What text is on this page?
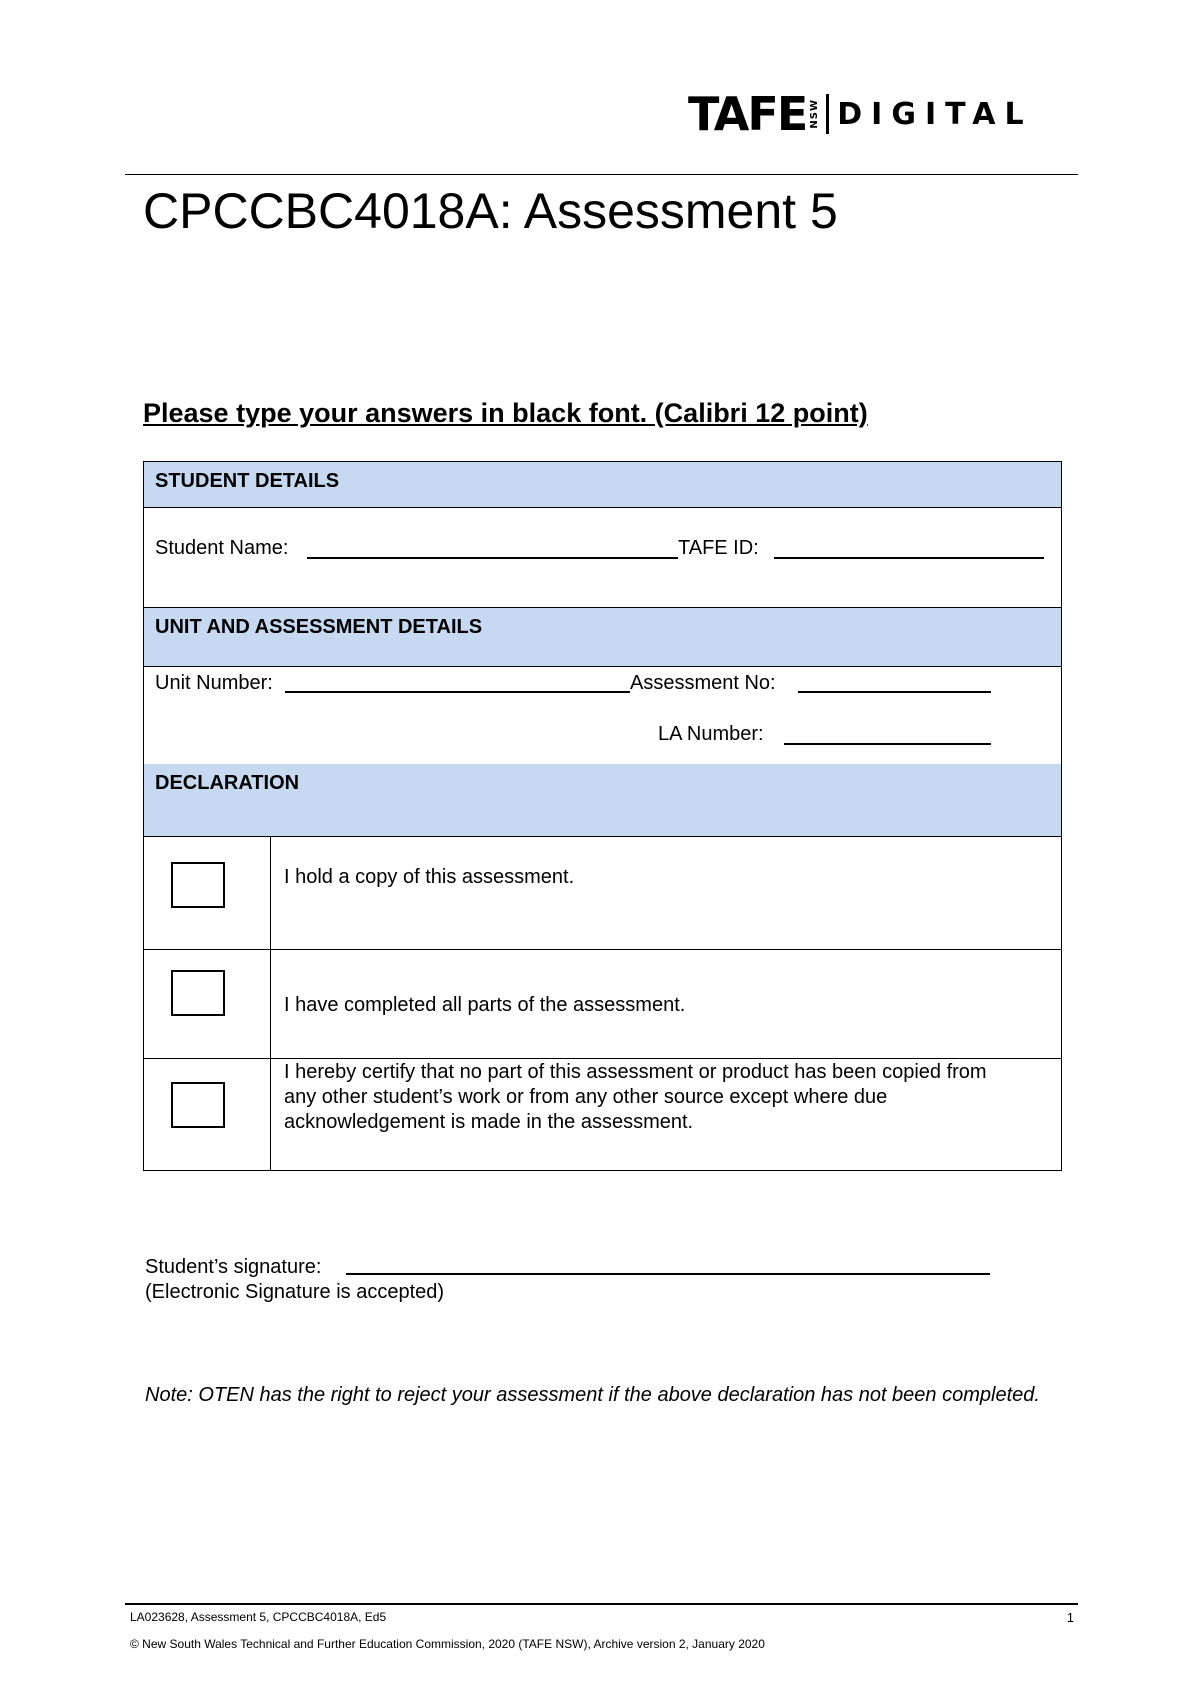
TAFE NSW DIGITAL
CPCCBC4018A: Assessment 5

Please type your answers in black font. (Calibri 12 point)

STUDENT DETAILS
Student Name:	TAFE ID:
UNIT AND ASSESSMENT DETAILS
Unit Number:	Assessment No:
LA Number:
DECLARATION
I hold a copy of this assessment.
I have completed all parts of the assessment.
I hereby certify that no part of this assessment or product has been copied from any other student’s work or from any other source except where due acknowledgement is made in the assessment.
Student’s signature:
(Electronic Signature is accepted)
Note: OTEN has the right to reject your assessment if the above declaration has not been completed.
LA023628, Assessment 5, CPCCBC4018A, Ed5	1
© New South Wales Technical and Further Education Commission, 2020 (TAFE NSW), Archive version 2, January 2020
